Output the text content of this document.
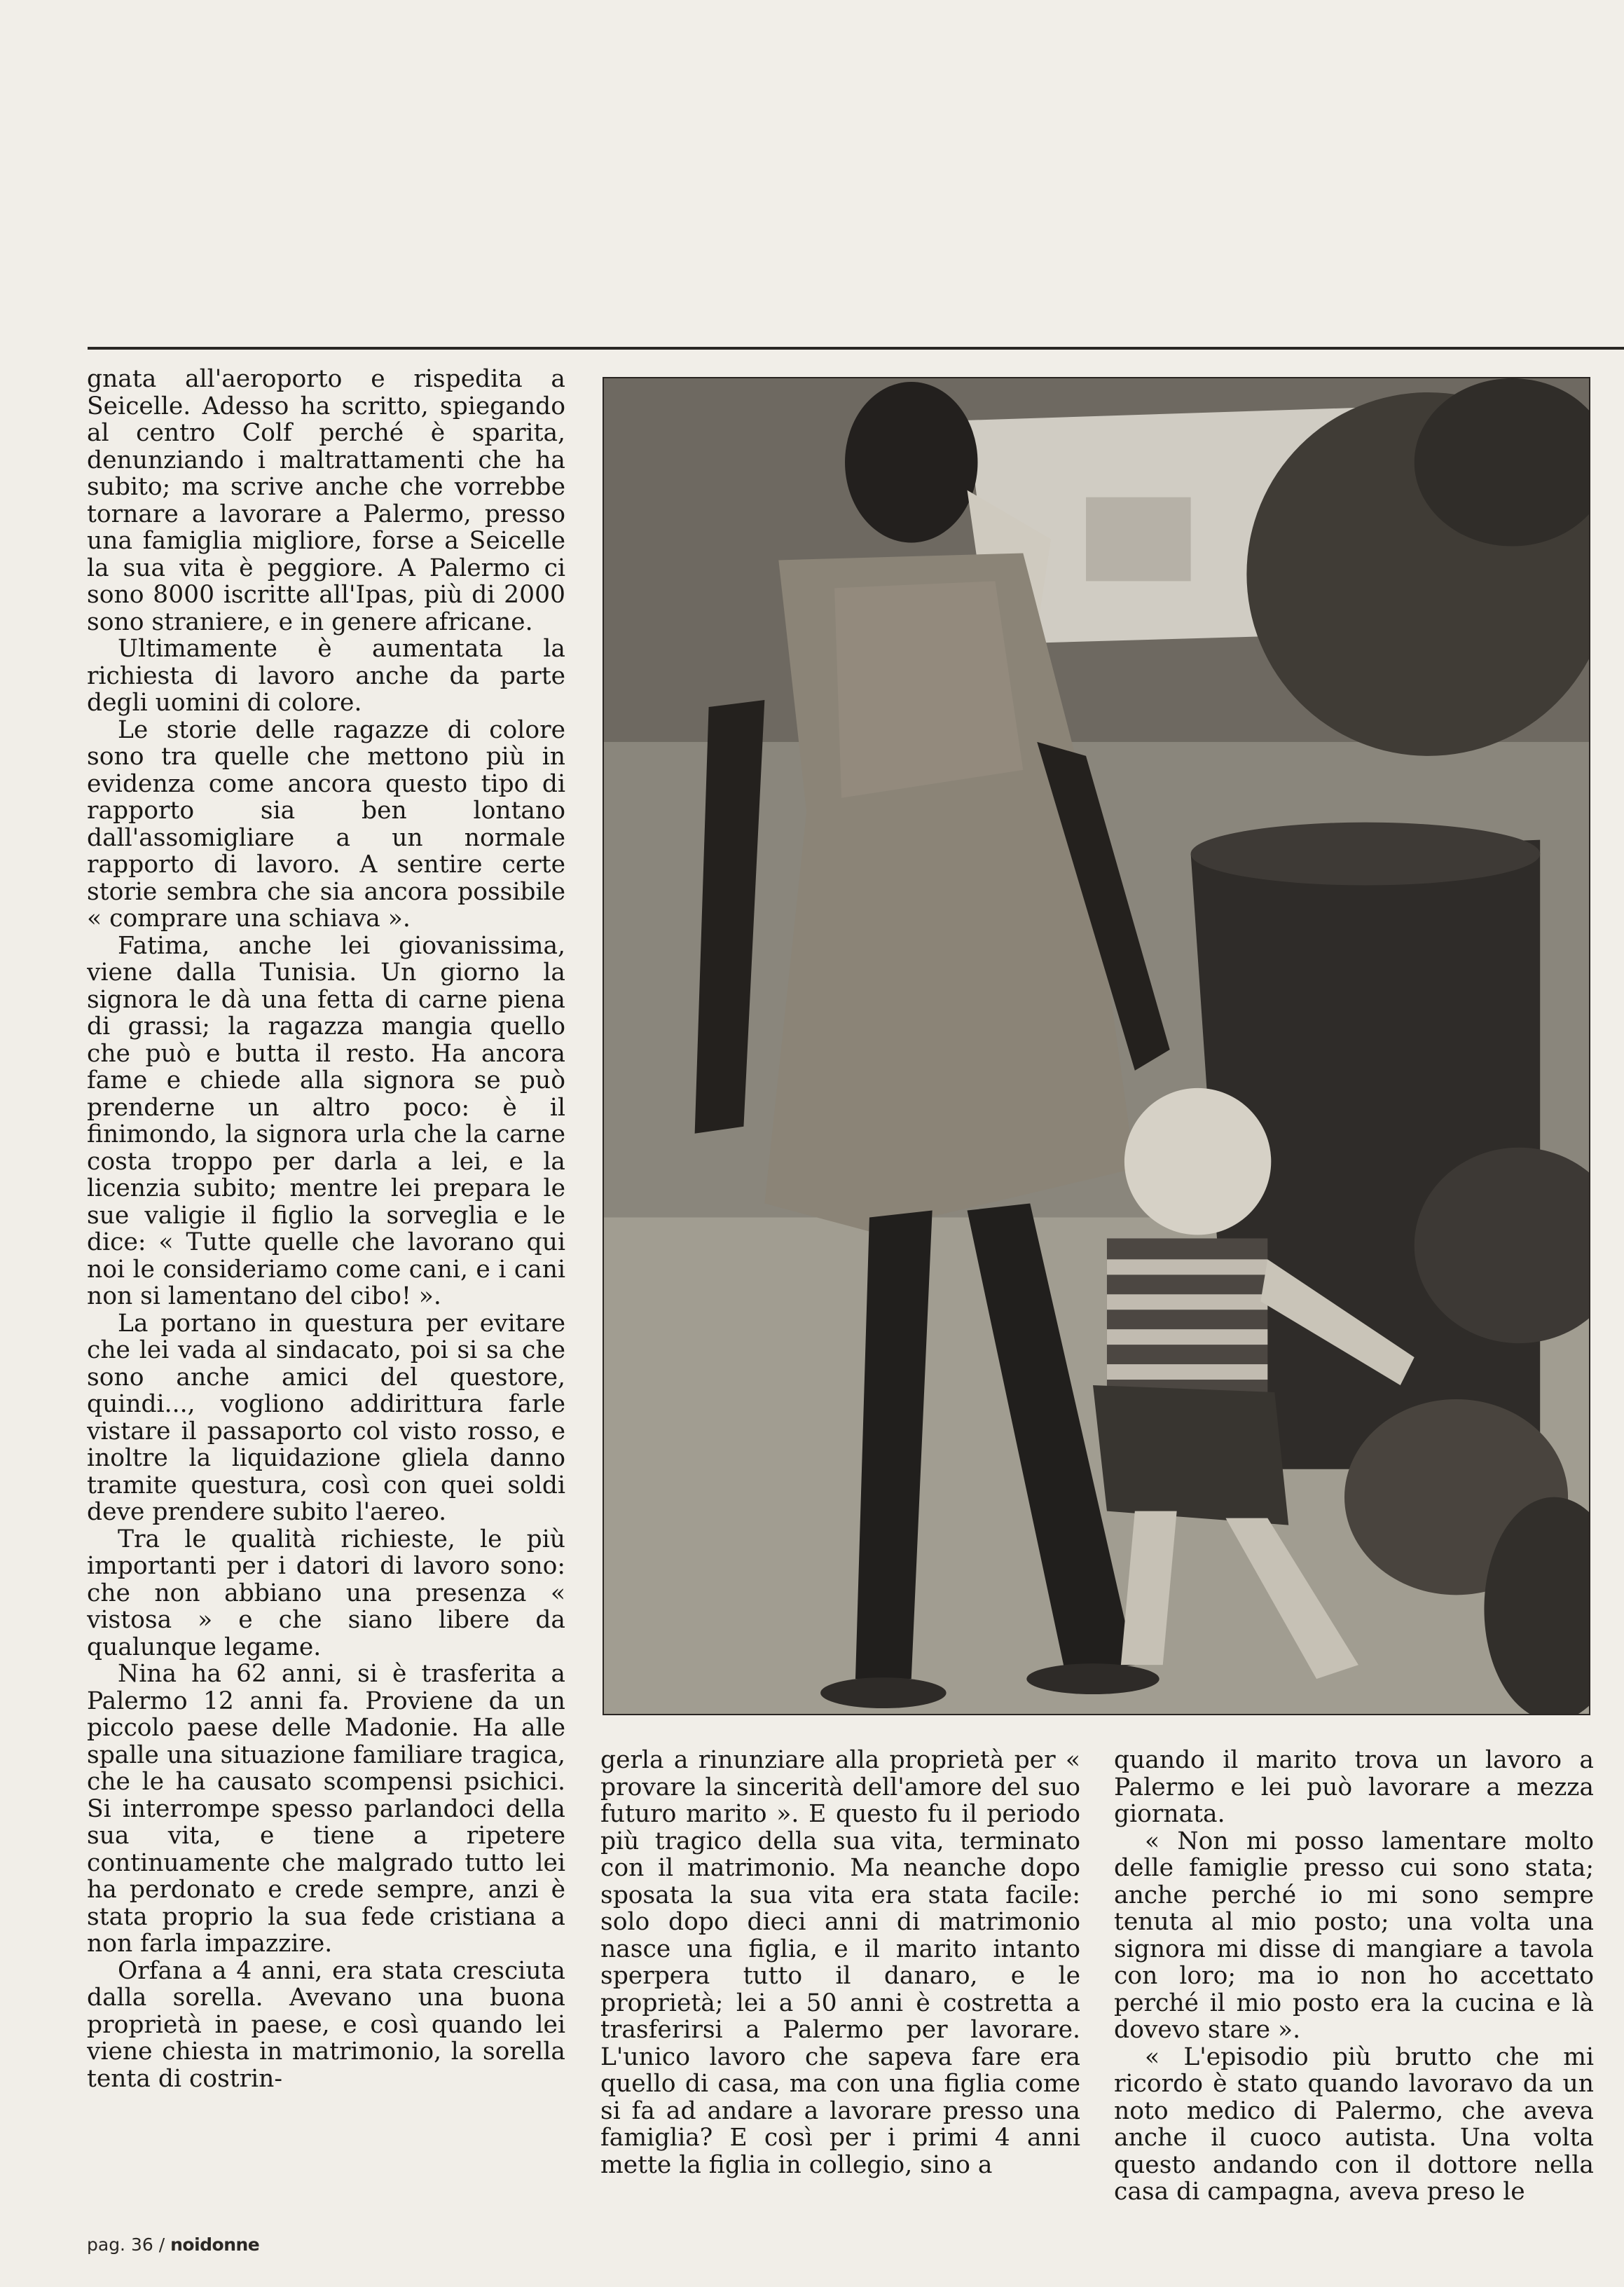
gnata all'aeroporto e rispedita a Seicelle. Adesso ha scritto, spiegando al centro Colf perché è sparita, denunziando i maltrattamenti che ha subito; ma scrive anche che vorrebbe tornare a lavorare a Palermo, presso una famiglia migliore, forse a Seicelle la sua vita è peggiore. A Palermo ci sono 8000 iscritte all'Ipas, più di 2000 sono straniere, e in genere africane.

Ultimamente è aumentata la richiesta di lavoro anche da parte degli uomini di colore.

Le storie delle ragazze di colore sono tra quelle che mettono più in evidenza come ancora questo tipo di rapporto sia ben lontano dall'assomigliare a un normale rapporto di lavoro. A sentire certe storie sembra che sia ancora possibile « comprare una schiava ».

Fatima, anche lei giovanissima, viene dalla Tunisia. Un giorno la signora le dà una fetta di carne piena di grassi; la ragazza mangia quello che può e butta il resto. Ha ancora fame e chiede alla signora se può prenderne un altro poco: è il finimondo, la signora urla che la carne costa troppo per darla a lei, e la licenzia subito; mentre lei prepara le sue valigie il figlio la sorveglia e le dice: « Tutte quelle che lavorano qui noi le consideriamo come cani, e i cani non si lamentano del cibo! ».

La portano in questura per evitare che lei vada al sindacato, poi si sa che sono anche amici del questore, quindi..., vogliono addirittura farle vistare il passaporto col visto rosso, e inoltre la liquidazione gliela danno tramite questura, così con quei soldi deve prendere subito l'aereo.

Tra le qualità richieste, le più importanti per i datori di lavoro sono: che non abbiano una presenza « vistosa » e che siano libere da qualunque legame.

Nina ha 62 anni, si è trasferita a Palermo 12 anni fa. Proviene da un piccolo paese delle Madonie. Ha alle spalle una situazione familiare tragica, che le ha causato scompensi psichici. Si interrompe spesso parlandoci della sua vita, e tiene a ripetere continuamente che malgrado tutto lei ha perdonato e crede sempre, anzi è stata proprio la sua fede cristiana a non farla impazzire.

Orfana a 4 anni, era stata cresciuta dalla sorella. Avevano una buona proprietà in paese, e così quando lei viene chiesta in matrimonio, la sorella tenta di costrin-

gerla a rinunziare alla proprietà per « provare la sincerità dell'amore del suo futuro marito ». E questo fu il periodo più tragico della sua vita, terminato con il matrimonio. Ma neanche dopo sposata la sua vita era stata facile: solo dopo dieci anni di matrimonio nasce una figlia, e il marito intanto sperpera tutto il danaro, e le proprietà; lei a 50 anni è costretta a trasferirsi a Palermo per lavorare. L'unico lavoro che sapeva fare era quello di casa, ma con una figlia come si fa ad andare a lavorare presso una famiglia? E così per i primi 4 anni mette la figlia in collegio, sino a

quando il marito trova un lavoro a Palermo e lei può lavorare a mezza giornata.

« Non mi posso lamentare molto delle famiglie presso cui sono stata; anche perché io mi sono sempre tenuta al mio posto; una volta una signora mi disse di mangiare a tavola con loro; ma io non ho accettato perché il mio posto era la cucina e là dovevo stare ».

« L'episodio più brutto che mi ricordo è stato quando lavoravo da un noto medico di Palermo, che aveva anche il cuoco autista. Una volta questo andando con il dottore nella casa di campagna, aveva preso le

pag. 36 / noidonne
